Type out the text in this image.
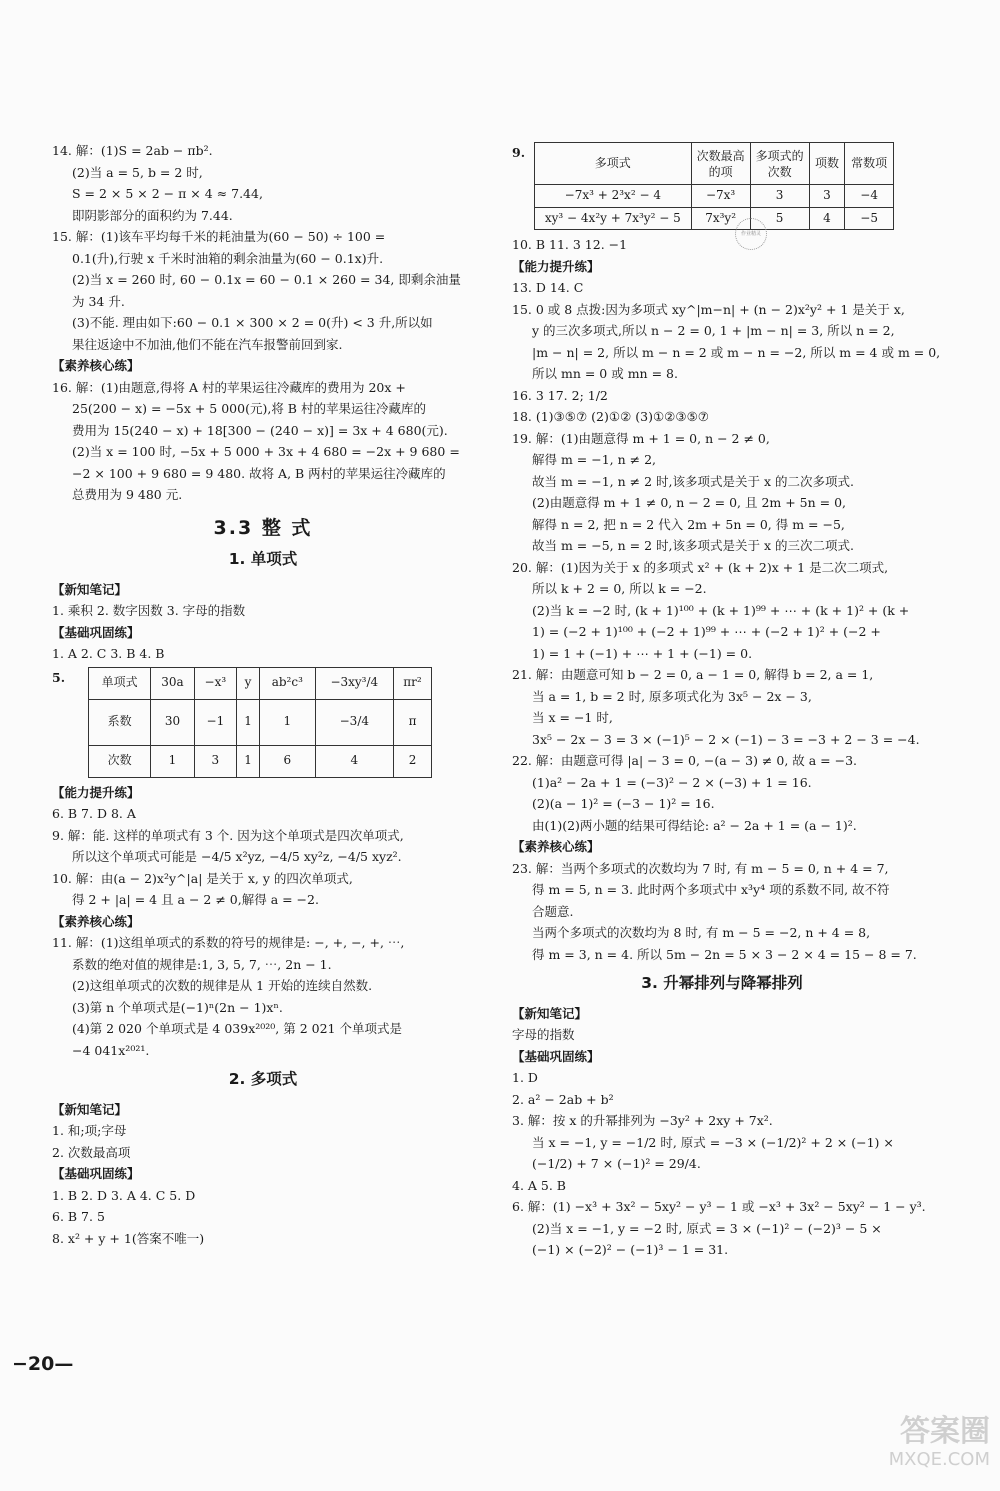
14. 解：(1)S = 2ab − πb².
(2)当 a = 5, b = 2 时,
S = 2 × 5 × 2 − π × 4 ≈ 7.44,
即阴影部分的面积约为 7.44.
15. 解：(1)该车平均每千米的耗油量为(60 − 50) ÷ 100 =
0.1(升),行驶 x 千米时油箱的剩余油量为(60 − 0.1x)升.
(2)当 x = 260 时, 60 − 0.1x = 60 − 0.1 × 260 = 34, 即剩余油量
为 34 升.
(3)不能. 理由如下:60 − 0.1 × 300 × 2 = 0(升) < 3 升,所以如
果往返途中不加油,他们不能在汽车报警前回到家.
【素养核心练】
16. 解：(1)由题意,得将 A 村的苹果运往冷藏库的费用为 20x +
25(200 − x) = −5x + 5 000(元),将 B 村的苹果运往冷藏库的
费用为 15(240 − x) + 18[300 − (240 − x)] = 3x + 4 680(元).
(2)当 x = 100 时, −5x + 5 000 + 3x + 4 680 = −2x + 9 680 =
−2 × 100 + 9 680 = 9 480. 故将 A, B 两村的苹果运往冷藏库的
总费用为 9 480 元.
3.3 整 式
1. 单项式
【新知笔记】
1. 乘积 2. 数字因数 3. 字母的指数
【基础巩固练】
1. A 2. C 3. B 4. B
5.	单项式	30a	−x³	y	ab²c³	−3xy³/4	πr²
系数	30	−1	1	1	−3/4	π
次数	1	3	1	6	4	2
【能力提升练】
6. B 7. D 8. A
9. 解：能. 这样的单项式有 3 个. 因为这个单项式是四次单项式,
所以这个单项式可能是 −4/5 x²yz, −4/5 xy²z, −4/5 xyz².
10. 解：由(a − 2)x²y^|a| 是关于 x, y 的四次单项式,
得 2 + |a| = 4 且 a − 2 ≠ 0,解得 a = −2.
【素养核心练】
11. 解：(1)这组单项式的系数的符号的规律是: −, +, −, +, ⋯,
系数的绝对值的规律是:1, 3, 5, 7, ⋯, 2n − 1.
(2)这组单项式的次数的规律是从 1 开始的连续自然数.
(3)第 n 个单项式是(−1)ⁿ(2n − 1)xⁿ.
(4)第 2 020 个单项式是 4 039x²⁰²⁰, 第 2 021 个单项式是
−4 041x²⁰²¹.
2. 多项式
【新知笔记】
1. 和;项;字母
2. 次数最高项
【基础巩固练】
1. B 2. D 3. A 4. C 5. D
6. B 7. 5
8. x² + y + 1(答案不唯一)
9.
多项式	次数最高的项	多项式的次数	项数	常数项
−7x³ + 2³x² − 4	−7x³	3	3	−4
xy³ − 4x²y + 7x³y² − 5	7x³y²	5	4	−5
10. B 11. 3 12. −1
【能力提升练】
13. D 14. C
15. 0 或 8 点拨:因为多项式 xy^|m−n| + (n − 2)x²y² + 1 是关于 x,
y 的三次多项式,所以 n − 2 = 0, 1 + |m − n| = 3, 所以 n = 2,
|m − n| = 2, 所以 m − n = 2 或 m − n = −2, 所以 m = 4 或 m = 0,
所以 mn = 0 或 mn = 8.
16. 3 17. 2; 1/2
18. (1)③⑤⑦ (2)①② (3)①②③⑤⑦
19. 解：(1)由题意得 m + 1 = 0, n − 2 ≠ 0,
解得 m = −1, n ≠ 2,
故当 m = −1, n ≠ 2 时,该多项式是关于 x 的二次多项式.
(2)由题意得 m + 1 ≠ 0, n − 2 = 0, 且 2m + 5n = 0,
解得 n = 2, 把 n = 2 代入 2m + 5n = 0, 得 m = −5,
故当 m = −5, n = 2 时,该多项式是关于 x 的三次二项式.
20. 解：(1)因为关于 x 的多项式 x² + (k + 2)x + 1 是二次二项式,
所以 k + 2 = 0, 所以 k = −2.
(2)当 k = −2 时, (k + 1)¹⁰⁰ + (k + 1)⁹⁹ + ⋯ + (k + 1)² + (k +
1) = (−2 + 1)¹⁰⁰ + (−2 + 1)⁹⁹ + ⋯ + (−2 + 1)² + (−2 +
1) = 1 + (−1) + ⋯ + 1 + (−1) = 0.
21. 解：由题意可知 b − 2 = 0, a − 1 = 0, 解得 b = 2, a = 1,
当 a = 1, b = 2 时, 原多项式化为 3x⁵ − 2x − 3,
当 x = −1 时,
3x⁵ − 2x − 3 = 3 × (−1)⁵ − 2 × (−1) − 3 = −3 + 2 − 3 = −4.
22. 解：由题意可得 |a| − 3 = 0, −(a − 3) ≠ 0, 故 a = −3.
(1)a² − 2a + 1 = (−3)² − 2 × (−3) + 1 = 16.
(2)(a − 1)² = (−3 − 1)² = 16.
由(1)(2)两小题的结果可得结论: a² − 2a + 1 = (a − 1)².
【素养核心练】
23. 解：当两个多项式的次数均为 7 时, 有 m − 5 = 0, n + 4 = 7,
得 m = 5, n = 3. 此时两个多项式中 x³y⁴ 项的系数不同, 故不符
合题意.
当两个多项式的次数均为 8 时, 有 m − 5 = −2, n + 4 = 8,
得 m = 3, n = 4. 所以 5m − 2n = 5 × 3 − 2 × 4 = 15 − 8 = 7.
3. 升幂排列与降幂排列
【新知笔记】
字母的指数
【基础巩固练】
1. D
2. a² − 2ab + b²
3. 解：按 x 的升幂排列为 −3y² + 2xy + 7x².
当 x = −1, y = −1/2 时, 原式 = −3 × (−1/2)² + 2 × (−1) ×
(−1/2) + 7 × (−1)² = 29/4.
4. A 5. B
6. 解：(1) −x³ + 3x² − 5xy² − y³ − 1 或 −x³ + 3x² − 5xy² − 1 − y³.
(2)当 x = −1, y = −2 时, 原式 = 3 × (−1)² − (−2)³ − 5 ×
(−1) × (−2)² − (−1)³ − 1 = 31.
作业精灵
−20—
答案圈
MXQE.COM
